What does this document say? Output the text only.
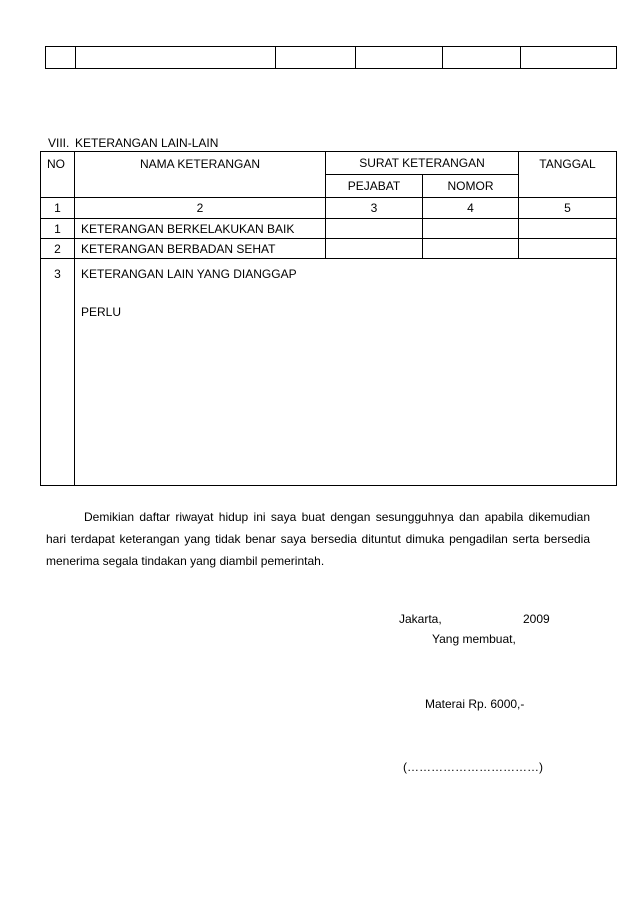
VIII. KETERANGAN LAIN-LAIN
NO	NAMA KETERANGAN	SURAT KETERANGAN		TANGGAL
		PEJABAT	NOMOR	
1	2	3	4	5
1	KETERANGAN BERKELAKUKAN BAIK			
2	KETERANGAN BERBADAN SEHAT			

3	KETERANGAN LAIN YANG DIANGGAP
PERLU			
Demikian daftar riwayat hidup ini saya buat dengan sesungguhnya dan apabila dikemudian hari terdapat keterangan yang tidak benar saya bersedia dituntut dimuka pengadilan serta bersedia menerima segala tindakan yang diambil pemerintah.
Jakarta,	2009
Yang membuat,
Materai Rp. 6000,-
(……………………………)
